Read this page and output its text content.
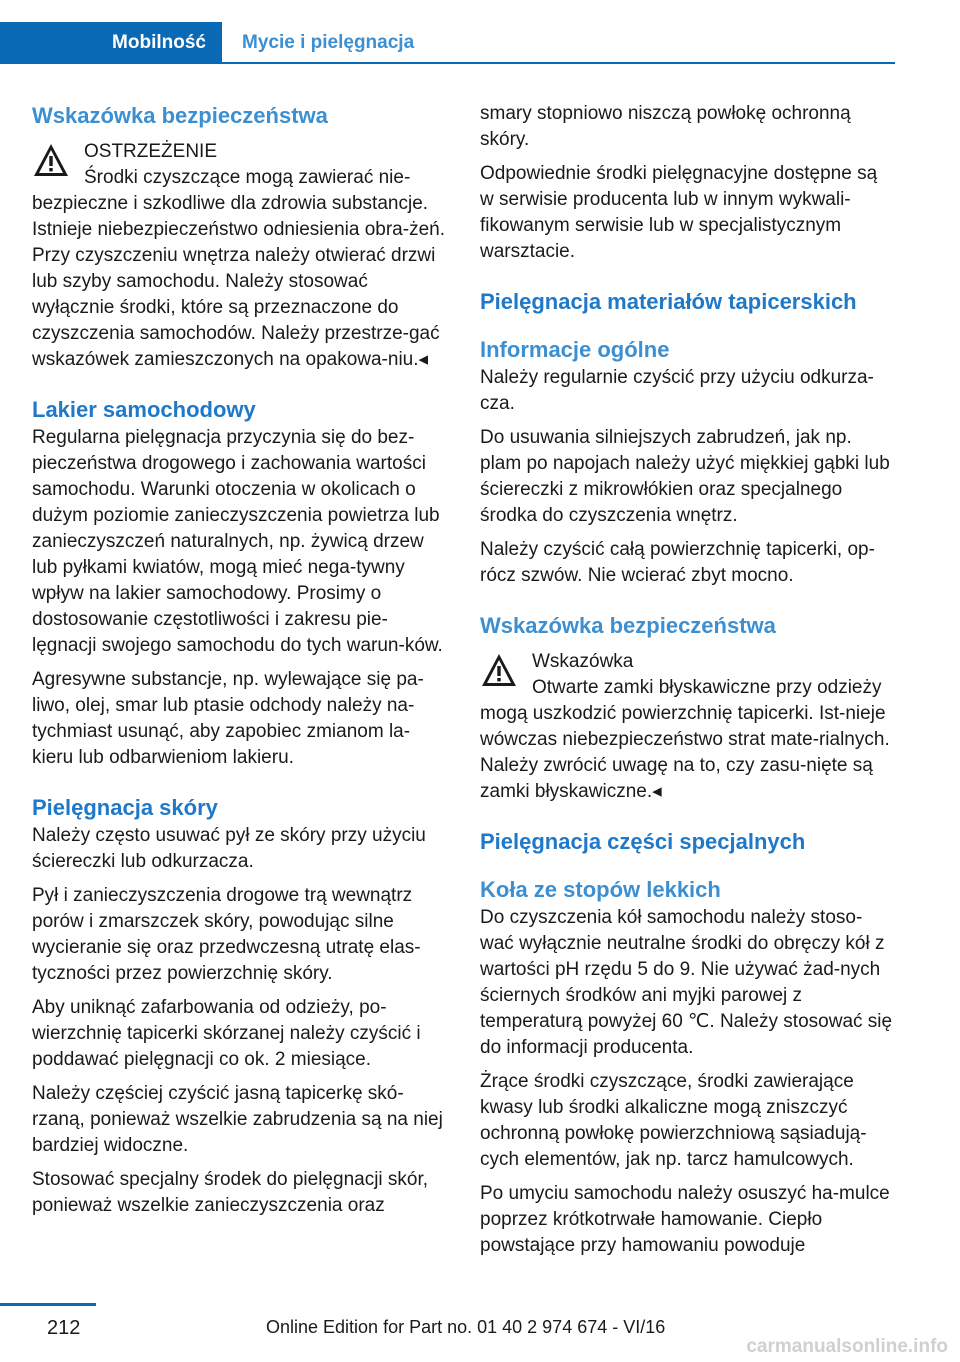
Mobilność	Mycie i pielęgnacja
Wskazówka bezpieczeństwa

OSTRZEŻENIE

Środki czyszczące mogą zawierać nie-

bezpieczne i szkodliwe dla zdrowia substancje. Istnieje niebezpieczeństwo odniesienia obra-żeń. Przy czyszczeniu wnętrza należy otwierać drzwi lub szyby samochodu. Należy stosować wyłącznie środki, które są przeznaczone do czyszczenia samochodów. Należy przestrze-gać wskazówek zamieszczonych na opakowa-niu.◂

Lakier samochodowy

Regularna pielęgnacja przyczynia się do bez-pieczeństwa drogowego i zachowania wartości samochodu. Warunki otoczenia w okolicach o dużym poziomie zanieczyszczenia powietrza lub zanieczyszczeń naturalnych, np. żywicą drzew lub pyłkami kwiatów, mogą mieć nega-tywny wpływ na lakier samochodowy. Prosimy o dostosowanie częstotliwości i zakresu pie-lęgnacji swojego samochodu do tych warun-ków.

Agresywne substancje, np. wylewające się pa-liwo, olej, smar lub ptasie odchody należy na-tychmiast usunąć, aby zapobiec zmianom la-kieru lub odbarwieniom lakieru.

Pielęgnacja skóry

Należy często usuwać pył ze skóry przy użyciu ściereczki lub odkurzacza.

Pył i zanieczyszczenia drogowe trą wewnątrz porów i zmarszczek skóry, powodując silne wycieranie się oraz przedwczesną utratę elas-tyczności przez powierzchnię skóry.

Aby uniknąć zafarbowania od odzieży, po-wierzchnię tapicerki skórzanej należy czyścić i poddawać pielęgnacji co ok. 2 miesiące.

Należy częściej czyścić jasną tapicerkę skó-rzaną, ponieważ wszelkie zabrudzenia są na niej bardziej widoczne.

Stosować specjalny środek do pielęgnacji skór, ponieważ wszelkie zanieczyszczenia oraz

smary stopniowo niszczą powłokę ochronną skóry.

Odpowiednie środki pielęgnacyjne dostępne są w serwisie producenta lub w innym wykwali-fikowanym serwisie lub w specjalistycznym warsztacie.

Pielęgnacja materiałów tapicerskich
Informacje ogólne

Należy regularnie czyścić przy użyciu odkurza-cza.

Do usuwania silniejszych zabrudzeń, jak np. plam po napojach należy użyć miękkiej gąbki lub ściereczki z mikrowłókien oraz specjalnego środka do czyszczenia wnętrz.

Należy czyścić całą powierzchnię tapicerki, op-rócz szwów. Nie wcierać zbyt mocno.

Wskazówka bezpieczeństwa

Wskazówka

Otwarte zamki błyskawiczne przy odzieży

mogą uszkodzić powierzchnię tapicerki. Ist-nieje wówczas niebezpieczeństwo strat mate-rialnych. Należy zwrócić uwagę na to, czy zasu-nięte są zamki błyskawiczne.◂

Pielęgnacja części specjalnych
Koła ze stopów lekkich

Do czyszczenia kół samochodu należy stoso-wać wyłącznie neutralne środki do obręczy kół z wartości pH rzędu 5 do 9. Nie używać żad-nych ściernych środków ani myjki parowej z temperaturą powyżej 60 ℃. Należy stosować się do informacji producenta.

Żrące środki czyszczące, środki zawierające kwasy lub środki alkaliczne mogą zniszczyć ochronną powłokę powierzchniową sąsiadują-cych elementów, jak np. tarcz hamulcowych.

Po umyciu samochodu należy osuszyć ha-mulce poprzez krótkotrwałe hamowanie. Ciepło powstające przy hamowaniu powoduje

212	Online Edition for Part no. 01 40 2 974 674 - VI/16
carmanualsonline.info
